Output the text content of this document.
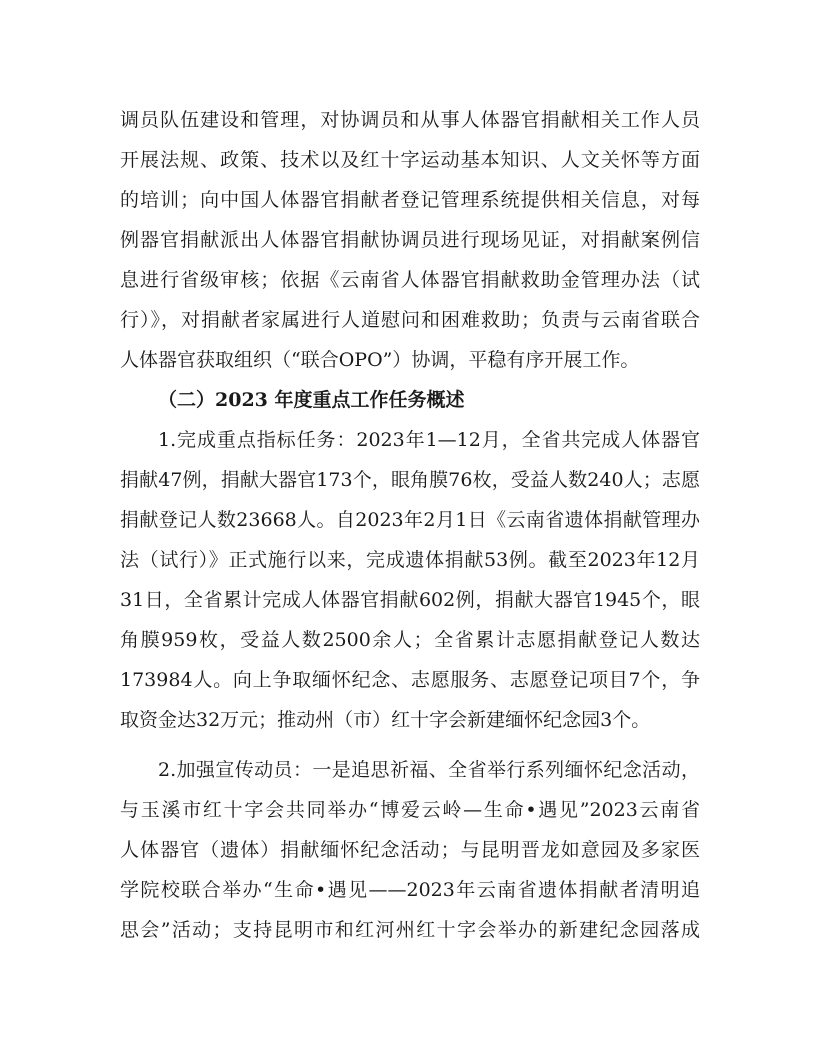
调员队伍建设和管理，对协调员和从事人体器官捐献相关工作人员
开展法规、政策、技术以及红十字运动基本知识、人文关怀等方面
的培训；向中国人体器官捐献者登记管理系统提供相关信息，对每
例器官捐献派出人体器官捐献协调员进行现场见证，对捐献案例信
息进行省级审核；依据《云南省人体器官捐献救助金管理办法（试
行）》，对捐献者家属进行人道慰问和困难救助；负责与云南省联合
人体器官获取组织（“联合OPO”）协调，平稳有序开展工作。
（二）2023 年度重点工作任务概述
1.完成重点指标任务：2023年1—12月，全省共完成人体器官
捐献47例，捐献大器官173个，眼角膜76枚，受益人数240人；志愿
捐献登记人数23668人。自2023年2月1日《云南省遗体捐献管理办
法（试行）》正式施行以来，完成遗体捐献53例。截至2023年12月
31日，全省累计完成人体器官捐献602例，捐献大器官1945个，眼
角膜959枚，受益人数2500余人；全省累计志愿捐献登记人数达
173984人。向上争取缅怀纪念、志愿服务、志愿登记项目7个，争
取资金达32万元；推动州（市）红十字会新建缅怀纪念园3个。
2.加强宣传动员：一是追思祈福、全省举行系列缅怀纪念活动，
与玉溪市红十字会共同举办“博爱云岭—生命•遇见”2023云南省
人体器官（遗体）捐献缅怀纪念活动；与昆明晋龙如意园及多家医
学院校联合举办“生命•遇见——2023年云南省遗体捐献者清明追
思会”活动；支持昆明市和红河州红十字会举办的新建纪念园落成
